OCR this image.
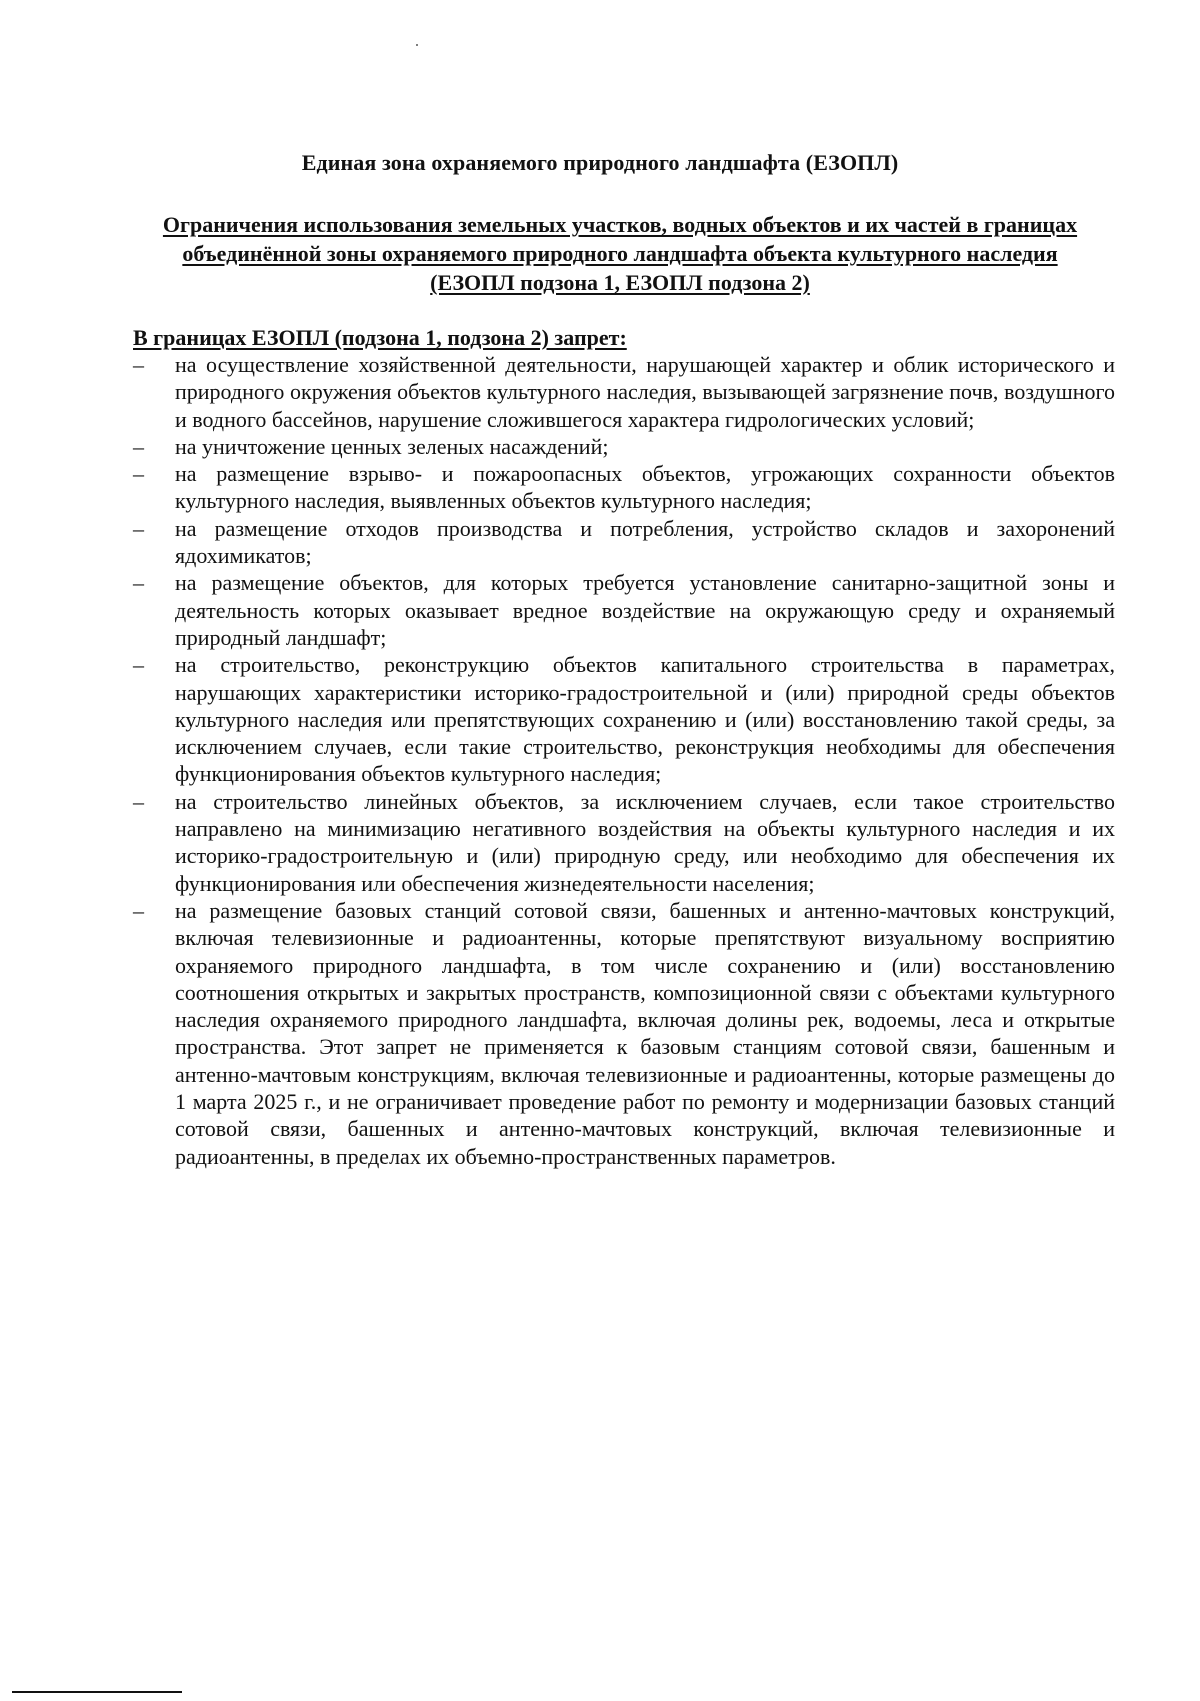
Единая зона охраняемого природного ландшафта (ЕЗОПЛ)
Ограничения использования земельных участков, водных объектов и их частей в границах объединённой зоны охраняемого природного ландшафта объекта культурного наследия (ЕЗОПЛ подзона 1, ЕЗОПЛ подзона 2)
В границах ЕЗОПЛ (подзона 1, подзона 2) запрет:
–	на осуществление хозяйственной деятельности, нарушающей характер и облик исторического и природного окружения объектов культурного наследия, вызывающей загрязнение почв, воздушного и водного бассейнов, нарушение сложившегося характера гидрологических условий;
–	на уничтожение ценных зеленых насаждений;
–	на размещение взрыво- и пожароопасных объектов, угрожающих сохранности объектов культурного наследия, выявленных объектов культурного наследия;
–	на размещение отходов производства и потребления, устройство складов и захоронений ядохимикатов;
–	на размещение объектов, для которых требуется установление санитарно-защитной зоны и деятельность которых оказывает вредное воздействие на окружающую среду и охраняемый природный ландшафт;
–	на строительство, реконструкцию объектов капитального строительства в параметрах, нарушающих характеристики историко-градостроительной и (или) природной среды объектов культурного наследия или препятствующих сохранению и (или) восстановлению такой среды, за исключением случаев, если такие строительство, реконструкция необходимы для обеспечения функционирования объектов культурного наследия;
–	на строительство линейных объектов, за исключением случаев, если такое строительство направлено на минимизацию негативного воздействия на объекты культурного наследия и их историко-градостроительную и (или) природную среду, или необходимо для обеспечения их функционирования или обеспечения жизнедеятельности населения;
–	на размещение базовых станций сотовой связи, башенных и антенно-мачтовых конструкций, включая телевизионные и радиоантенны, которые препятствуют визуальному восприятию охраняемого природного ландшафта, в том числе сохранению и (или) восстановлению соотношения открытых и закрытых пространств, композиционной связи с объектами культурного наследия охраняемого природного ландшафта, включая долины рек, водоемы, леса и открытые пространства. Этот запрет не применяется к базовым станциям сотовой связи, башенным и антенно-мачтовым конструкциям, включая телевизионные и радиоантенны, которые размещены до 1 марта 2025 г., и не ограничивает проведение работ по ремонту и модернизации базовых станций сотовой связи, башенных и антенно-мачтовых конструкций, включая телевизионные и радиоантенны, в пределах их объемно-пространственных параметров.
